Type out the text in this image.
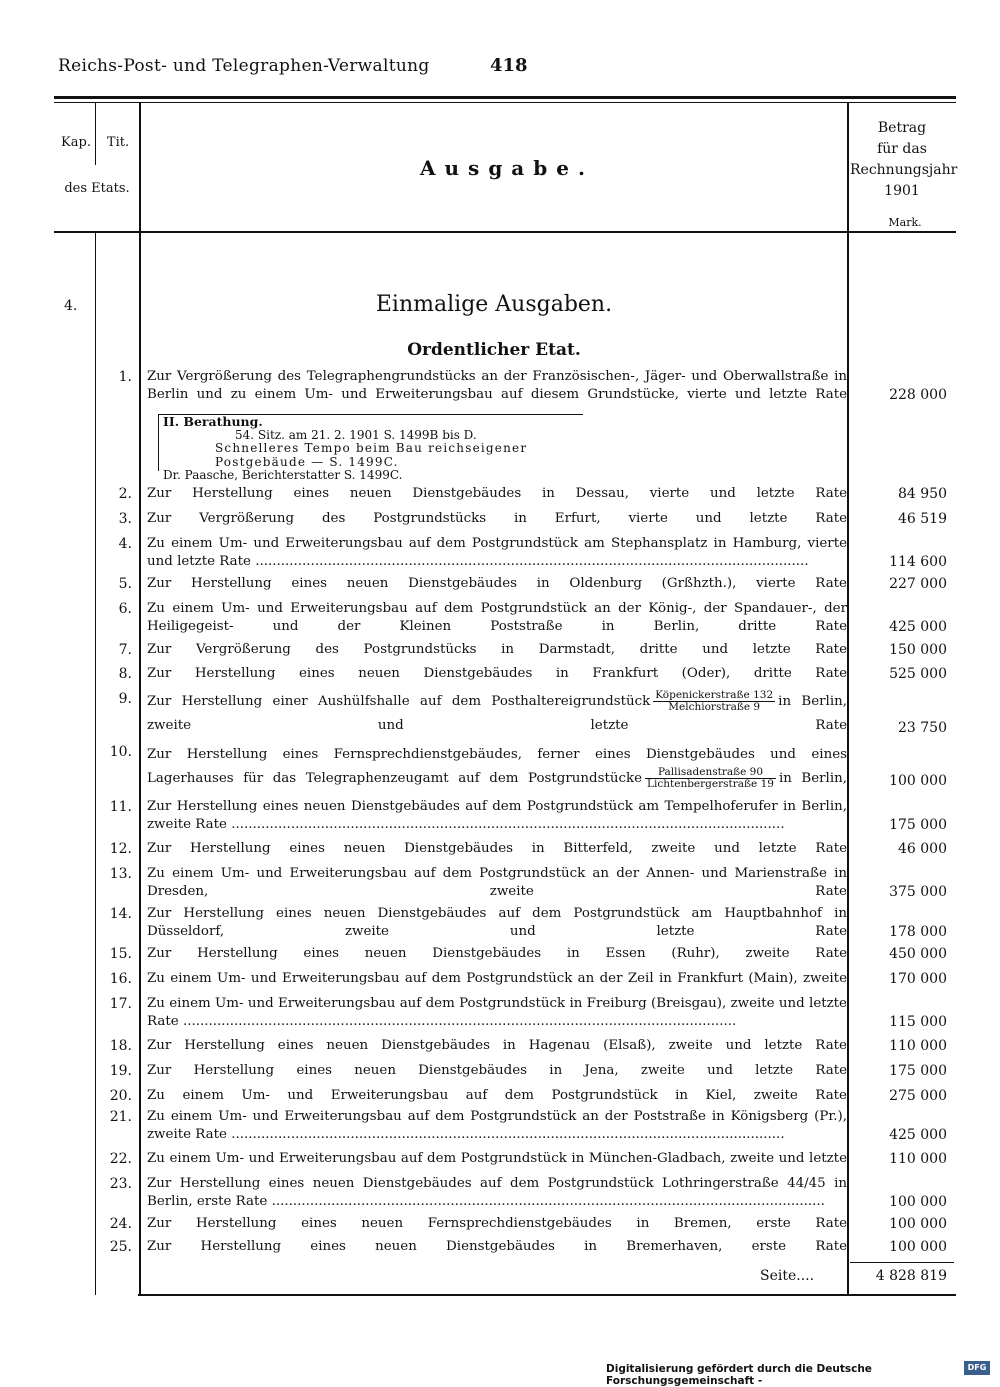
Reichs-Post- und Telegraphen-Verwaltung	418
Kap.	Tit.
des Etats.
Ausgabe.
Betrag
für das
Rechnungsjahr
1901
Mark.
4.	Einmalige Ausgaben.
Ordentlicher Etat.
1. Zur Vergrößerung des Telegraphengrundstücks an der Französischen-, Jäger- und Oberwallstraße in Berlin und zu einem Um- und Erweiterungsbau auf diesem Grundstücke, vierte und letzte Rate	228 000
2. Zur Herstellung eines neuen Dienstgebäudes in Dessau, vierte und letzte Rate	84 950
3. Zur Vergrößerung des Postgrundstücks in Erfurt, vierte und letzte Rate	46 519
4. Zu einem Um- und Erweiterungsbau auf dem Postgrundstück am Stephansplatz in Hamburg, vierte und letzte Rate ..................................................................................................................................	114 600
5. Zur Herstellung eines neuen Dienstgebäudes in Oldenburg (Grßhzth.), vierte Rate	227 000
6. Zu einem Um- und Erweiterungsbau auf dem Postgrundstück an der König-, der Spandauer-, der Heiligegeist- und der Kleinen Poststraße in Berlin, dritte Rate	425 000
7. Zur Vergrößerung des Postgrundstücks in Darmstadt, dritte und letzte Rate	150 000
8. Zur Herstellung eines neuen Dienstgebäudes in Frankfurt (Oder), dritte Rate	525 000
9. Zur Herstellung einer Aushülfshalle auf dem Posthaltereigrundstück $\frac{\text{Köpenickerstraße 132}}{\text{Melchiorstraße 9}}$ in Berlin, zweite und letzte Rate	23 750
10. Zur Herstellung eines Fernsprechdienstgebäudes, ferner eines Dienstgebäudes und eines Lagerhauses für das Telegraphenzeugamt auf dem Postgrundstücke $\frac{\text{Pallisadenstraße 90}}{\text{Lichtenbergerstraße 19}}$ in Berlin,	100 000
11. Zur Herstellung eines neuen Dienstgebäudes auf dem Postgrundstück am Tempelhoferufer in Berlin, zweite Rate ..................................................................................................................................	175 000
12. Zur Herstellung eines neuen Dienstgebäudes in Bitterfeld, zweite und letzte Rate	46 000
13. Zu einem Um- und Erweiterungsbau auf dem Postgrundstück an der Annen- und Marienstraße in Dresden, zweite Rate	375 000
14. Zur Herstellung eines neuen Dienstgebäudes auf dem Postgrundstück am Hauptbahnhof in Düsseldorf, zweite und letzte Rate	178 000
15. Zur Herstellung eines neuen Dienstgebäudes in Essen (Ruhr), zweite Rate	450 000
16. Zu einem Um- und Erweiterungsbau auf dem Postgrundstück an der Zeil in Frankfurt (Main), zweite	170 000
17. Zu einem Um- und Erweiterungsbau auf dem Postgrundstück in Freiburg (Breisgau), zweite und letzte Rate ..................................................................................................................................	115 000
18. Zur Herstellung eines neuen Dienstgebäudes in Hagenau (Elsaß), zweite und letzte Rate	110 000
19. Zur Herstellung eines neuen Dienstgebäudes in Jena, zweite und letzte Rate	175 000
20. Zu einem Um- und Erweiterungsbau auf dem Postgrundstück in Kiel, zweite Rate	275 000
21. Zu einem Um- und Erweiterungsbau auf dem Postgrundstück an der Poststraße in Königsberg (Pr.), zweite Rate ..................................................................................................................................	425 000
22. Zu einem Um- und Erweiterungsbau auf dem Postgrundstück in München-Gladbach, zweite und letzte	110 000
23. Zur Herstellung eines neuen Dienstgebäudes auf dem Postgrundstück Lothringerstraße 44/45 in Berlin, erste Rate ..................................................................................................................................	100 000
24. Zur Herstellung eines neuen Fernsprechdienstgebäudes in Bremen, erste Rate	100 000
25. Zur Herstellung eines neuen Dienstgebäudes in Bremerhaven, erste Rate	100 000
II. Berathung.
54. Sitz. am 21. 2. 1901 S. 1499B bis D.
Schnelleres Tempo beim Bau reichseigener Postgebäude — S. 1499C.
Dr. Paasche, Berichterstatter S. 1499C.
Seite....	4 828 819
Digitalisierung gefördert durch die Deutsche Forschungsgemeinschaft -
DFG
